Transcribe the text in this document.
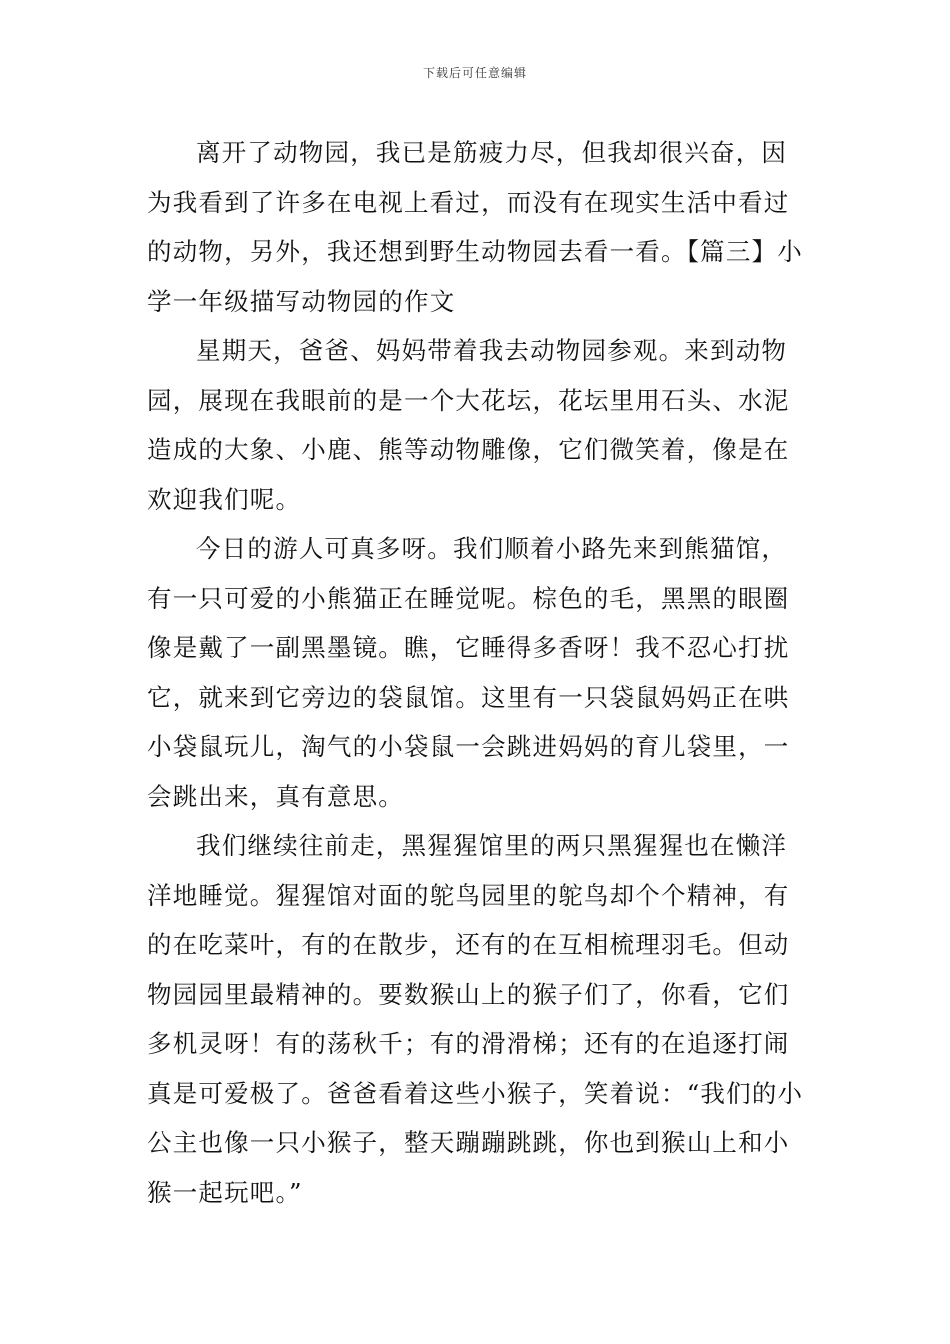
下载后可任意编辑

离开了动物园，我已是筋疲力尽，但我却很兴奋，因为我看到了许多在电视上看过，而没有在现实生活中看过的动物，另外，我还想到野生动物园去看一看。【篇三】小学一年级描写动物园的作文

星期天，爸爸、妈妈带着我去动物园参观。来到动物园，展现在我眼前的是一个大花坛，花坛里用石头、水泥造成的大象、小鹿、熊等动物雕像，它们微笑着，像是在欢迎我们呢。

今日的游人可真多呀。我们顺着小路先来到熊猫馆，有一只可爱的小熊猫正在睡觉呢。棕色的毛，黑黑的眼圈像是戴了一副黑墨镜。瞧，它睡得多香呀！我不忍心打扰它，就来到它旁边的袋鼠馆。这里有一只袋鼠妈妈正在哄小袋鼠玩儿，淘气的小袋鼠一会跳进妈妈的育儿袋里，一会跳出来，真有意思。

我们继续往前走，黑猩猩馆里的两只黑猩猩也在懒洋洋地睡觉。猩猩馆对面的鸵鸟园里的鸵鸟却个个精神，有的在吃菜叶，有的在散步，还有的在互相梳理羽毛。但动物园园里最精神的。要数猴山上的猴子们了，你看，它们多机灵呀！有的荡秋千；有的滑滑梯；还有的在追逐打闹真是可爱极了。爸爸看着这些小猴子，笑着说：“我们的小公主也像一只小猴子，整天蹦蹦跳跳，你也到猴山上和小猴一起玩吧。”
